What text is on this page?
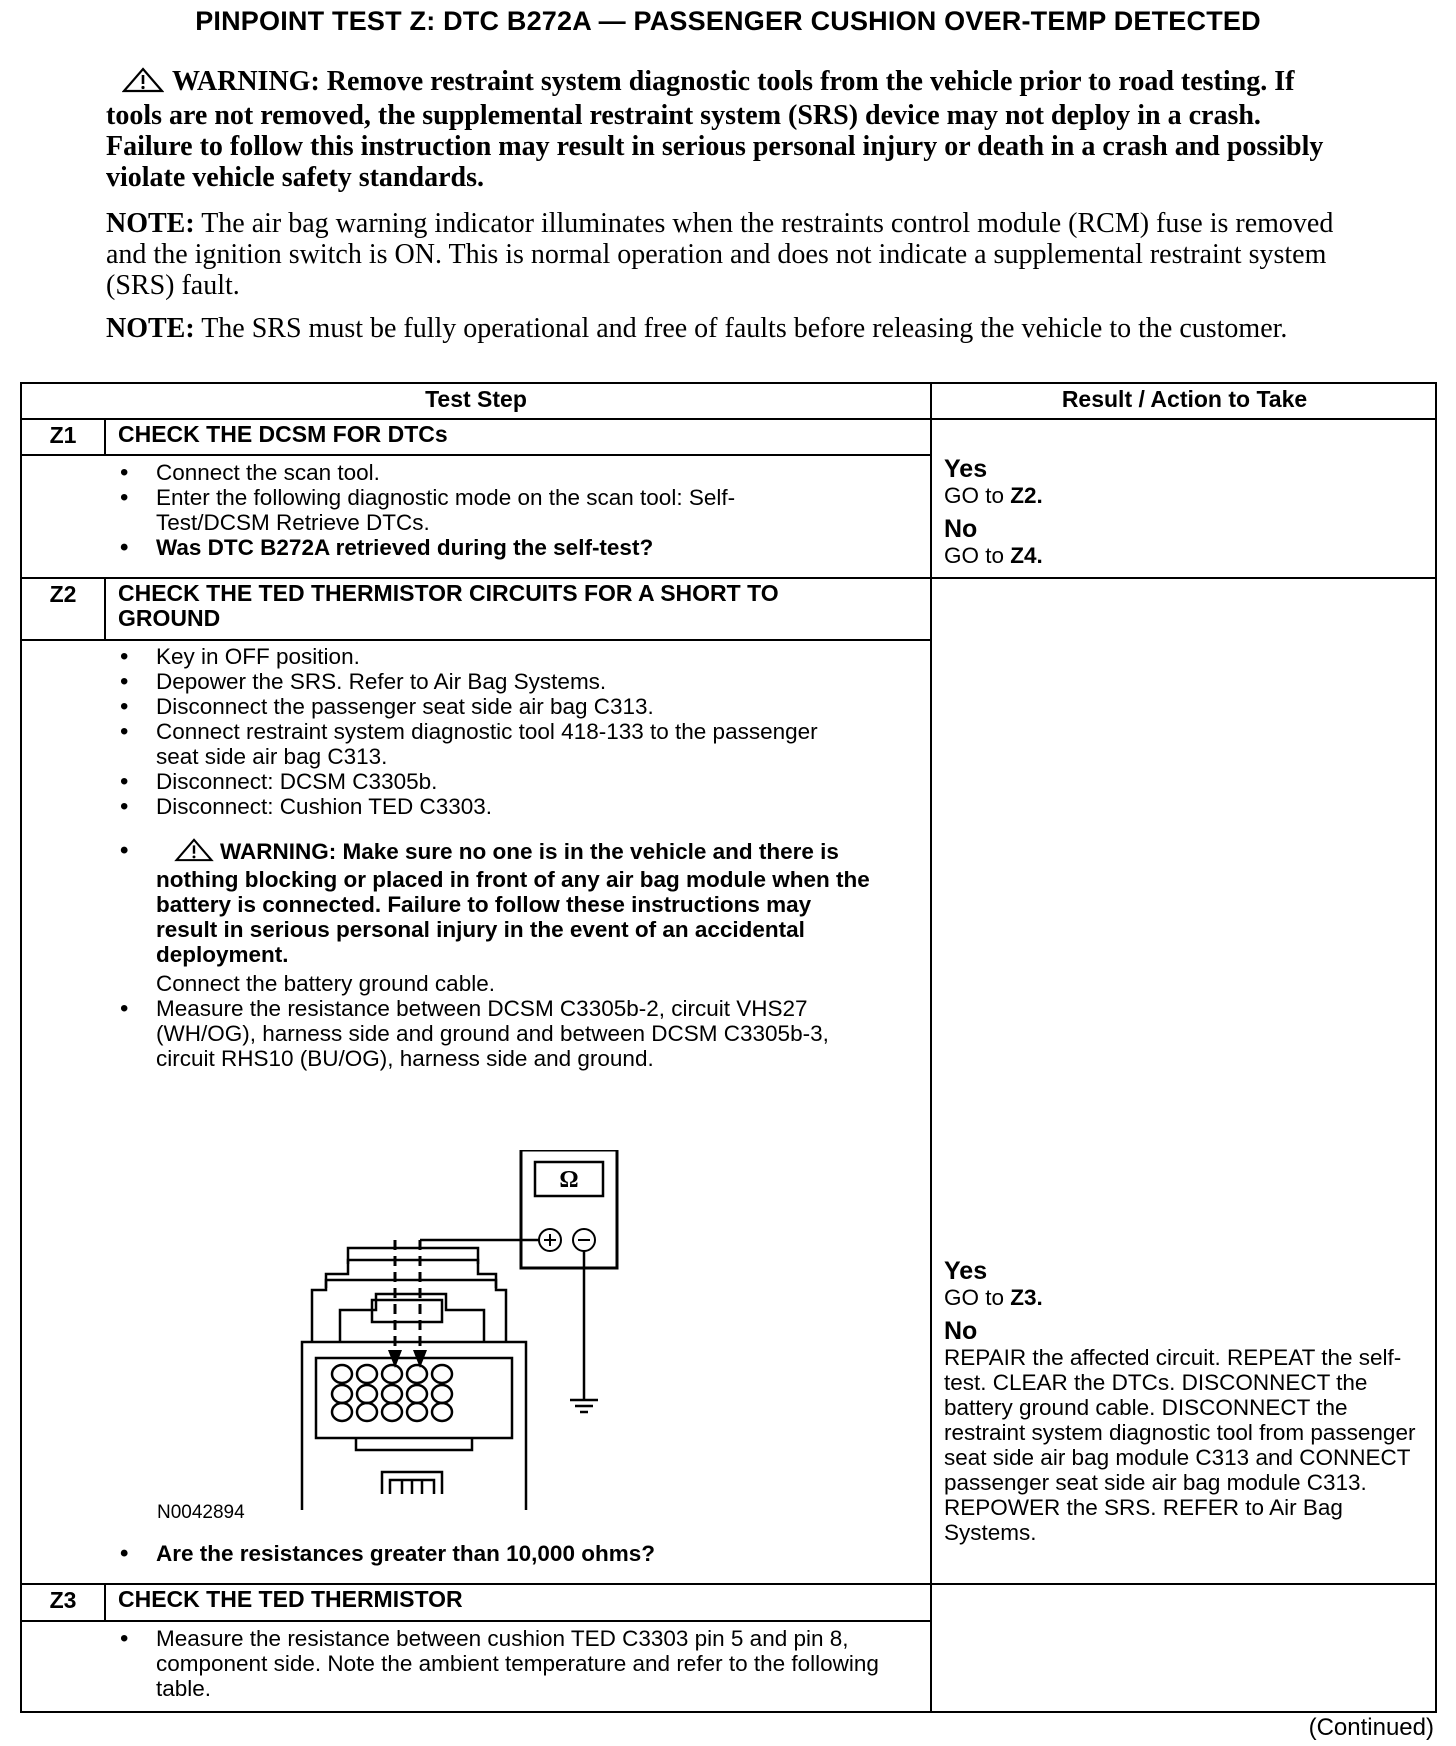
PINPOINT TEST Z: DTC B272A — PASSENGER CUSHION OVER-TEMP DETECTED
WARNING: Remove restraint system diagnostic tools from the vehicle prior to road testing. If tools are not removed, the supplemental restraint system (SRS) device may not deploy in a crash. Failure to follow this instruction may result in serious personal injury or death in a crash and possibly violate vehicle safety standards.
NOTE: The air bag warning indicator illuminates when the restraints control module (RCM) fuse is removed and the ignition switch is ON. This is normal operation and does not indicate a supplemental restraint system (SRS) fault.
NOTE: The SRS must be fully operational and free of faults before releasing the vehicle to the customer.
Test Step	Result / Action to Take
Z1	CHECK THE DCSM FOR DTCs
• Connect the scan tool.
• Enter the following diagnostic mode on the scan tool: Self-Test/DCSM Retrieve DTCs.
• Was DTC B272A retrieved during the self-test?
Yes
GO to Z2.
No
GO to Z4.
Z2	CHECK THE TED THERMISTOR CIRCUITS FOR A SHORT TO GROUND
• Key in OFF position.
• Depower the SRS. Refer to Air Bag Systems.
• Disconnect the passenger seat side air bag C313.
• Connect restraint system diagnostic tool 418-133 to the passenger seat side air bag C313.
• Disconnect: DCSM C3305b.
• Disconnect: Cushion TED C3303.
• WARNING: Make sure no one is in the vehicle and there is nothing blocking or placed in front of any air bag module when the battery is connected. Failure to follow these instructions may result in serious personal injury in the event of an accidental deployment.
Connect the battery ground cable.
• Measure the resistance between DCSM C3305b-2, circuit VHS27 (WH/OG), harness side and ground and between DCSM C3305b-3, circuit RHS10 (BU/OG), harness side and ground.
Ω
N0042894
• Are the resistances greater than 10,000 ohms?
Yes
GO to Z3.
No
REPAIR the affected circuit. REPEAT the self-test. CLEAR the DTCs. DISCONNECT the battery ground cable. DISCONNECT the restraint system diagnostic tool from passenger seat side air bag module C313 and CONNECT passenger seat side air bag module C313. REPOWER the SRS. REFER to Air Bag Systems.
Z3	CHECK THE TED THERMISTOR
• Measure the resistance between cushion TED C3303 pin 5 and pin 8, component side. Note the ambient temperature and refer to the following table.
(Continued)
